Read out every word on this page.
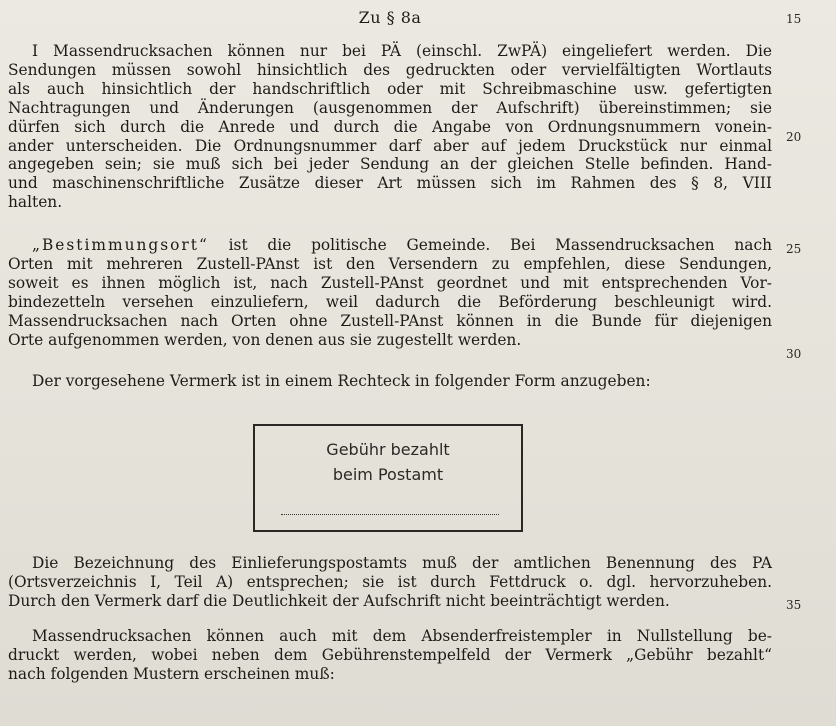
Zu § 8a	15
20
25
30
35
I Massendrucksachen können nur bei PÄ (einschl. ZwPÄ) eingeliefert werden. Die
Sendungen müssen sowohl hinsichtlich des gedruckten oder vervielfältigten Wortlauts
als auch hinsichtlich der handschriftlich oder mit Schreibmaschine usw. gefertigten
Nachtragungen und Änderungen (ausgenommen der Aufschrift) übereinstimmen; sie
dürfen sich durch die Anrede und durch die Angabe von Ordnungsnummern vonein-
ander unterscheiden. Die Ordnungsnummer darf aber auf jedem Druckstück nur einmal
angegeben sein; sie muß sich bei jeder Sendung an der gleichen Stelle befinden. Hand-
und maschinenschriftliche Zusätze dieser Art müssen sich im Rahmen des § 8, VIII
halten.
„Bestimmungsort“ ist die politische Gemeinde. Bei Massendrucksachen nach
Orten mit mehreren Zustell-PAnst ist den Versendern zu empfehlen, diese Sendungen,
soweit es ihnen möglich ist, nach Zustell-PAnst geordnet und mit entsprechenden Vor-
bindezetteln versehen einzuliefern, weil dadurch die Beförderung beschleunigt wird.
Massendrucksachen nach Orten ohne Zustell-PAnst können in die Bunde für diejenigen
Orte aufgenommen werden, von denen aus sie zugestellt werden.
Der vorgesehene Vermerk ist in einem Rechteck in folgender Form anzugeben:
Gebühr bezahlt
beim Postamt
Die Bezeichnung des Einlieferungspostamts muß der amtlichen Benennung des PA
(Ortsverzeichnis I, Teil A) entsprechen; sie ist durch Fettdruck o. dgl. hervorzuheben.
Durch den Vermerk darf die Deutlichkeit der Aufschrift nicht beeinträchtigt werden.
Massendrucksachen können auch mit dem Absenderfreistempler in Nullstellung be-
druckt werden, wobei neben dem Gebührenstempelfeld der Vermerk „Gebühr bezahlt“
nach folgenden Mustern erscheinen muß:
